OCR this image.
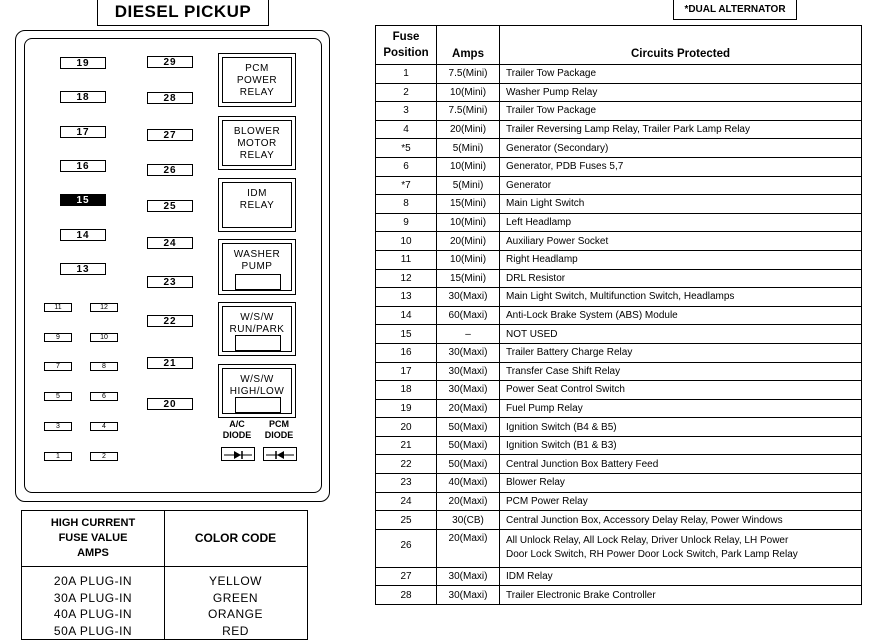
DIESEL PICKUP	*DUAL ALTERNATOR
19
18
17
16
15
14
13
29
28
27
26
25
24
23
22
21
20
11	12
9	10
7	8
5	6
3	4
1	2
PCM
POWER
RELAY
BLOWER
MOTOR
RELAY
IDM
RELAY
WASHER
PUMP
W/S/W
RUN/PARK
W/S/W
HIGH/LOW
A/C
DIODE
PCM
DIODE
HIGH CURRENT
FUSE VALUE
AMPS
COLOR CODE
20A PLUG-IN	YELLOW
30A PLUG-IN	GREEN
40A PLUG-IN	ORANGE
50A PLUG-IN	RED
Fuse
Position	Amps	Circuits Protected
1	7.5(Mini)	Trailer Tow Package
2	10(Mini)	Washer Pump Relay
3	7.5(Mini)	Trailer Tow Package
4	20(Mini)	Trailer Reversing Lamp Relay, Trailer Park Lamp Relay
*5	5(Mini)	Generator (Secondary)
6	10(Mini)	Generator, PDB Fuses 5,7
*7	5(Mini)	Generator
8	15(Mini)	Main Light Switch
9	10(Mini)	Left Headlamp
10	20(Mini)	Auxiliary Power Socket
11	10(Mini)	Right Headlamp
12	15(Mini)	DRL Resistor
13	30(Maxi)	Main Light Switch, Multifunction Switch, Headlamps
14	60(Maxi)	Anti-Lock Brake System (ABS) Module
15	–	NOT USED
16	30(Maxi)	Trailer Battery Charge Relay
17	30(Maxi)	Transfer Case Shift Relay
18	30(Maxi)	Power Seat Control Switch
19	20(Maxi)	Fuel Pump Relay
20	50(Maxi)	Ignition Switch (B4 & B5)
21	50(Maxi)	Ignition Switch (B1 & B3)
22	50(Maxi)	Central Junction Box Battery Feed
23	40(Maxi)	Blower Relay
24	20(Maxi)	PCM Power Relay
25	30(CB)	Central Junction Box, Accessory Delay Relay, Power Windows
26	20(Maxi)	All Unlock Relay, All Lock Relay, Driver Unlock Relay, LH Power
Door Lock Switch, RH Power Door Lock Switch, Park Lamp Relay
27	30(Maxi)	IDM Relay
28	30(Maxi)	Trailer Electronic Brake Controller
